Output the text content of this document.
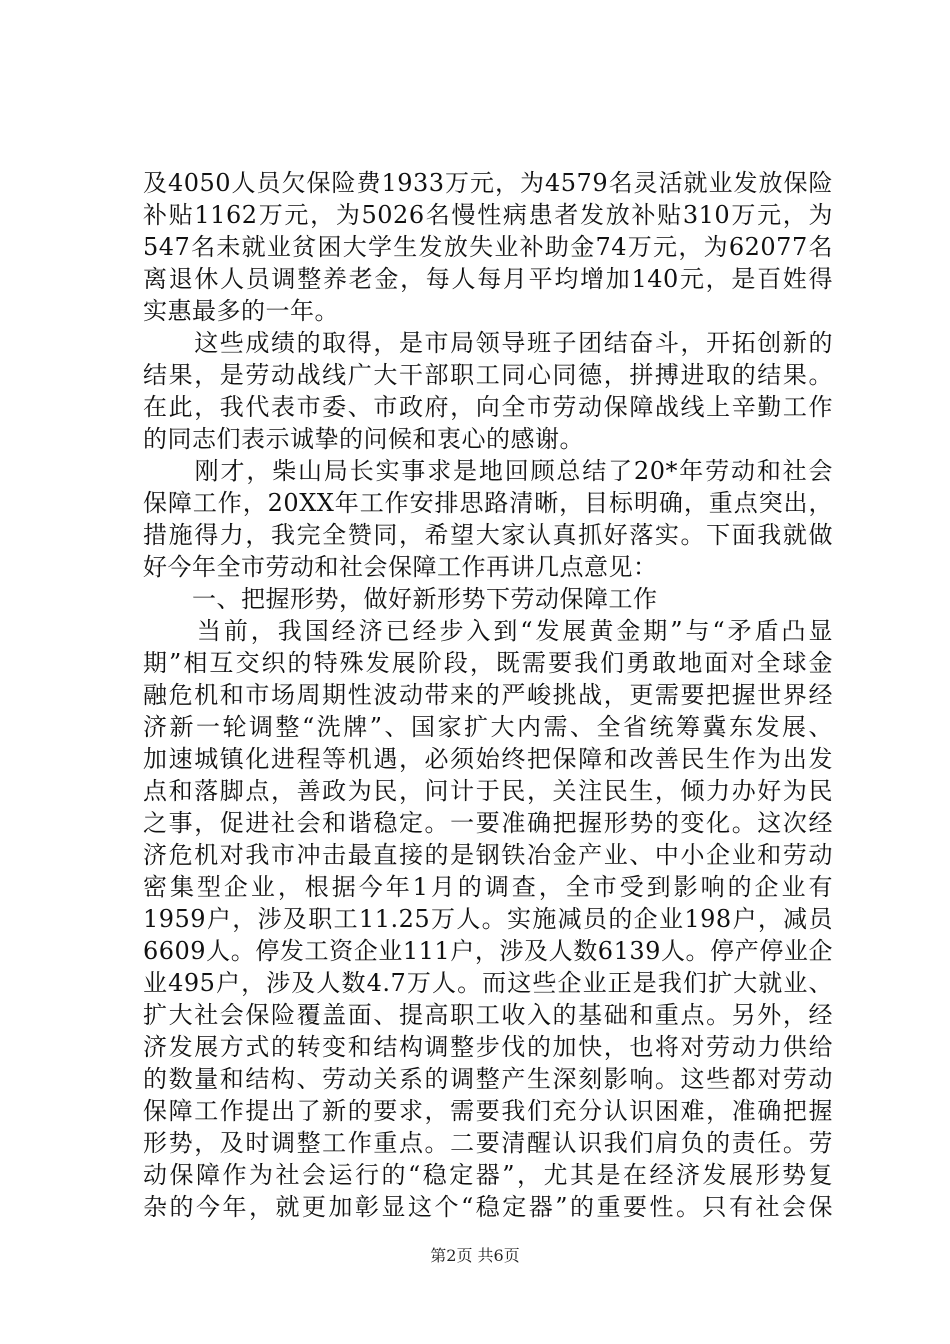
及4050人员欠保险费1933万元，为4579名灵活就业发放保险
补贴1162万元，为5026名慢性病患者发放补贴310万元，为
547名未就业贫困大学生发放失业补助金74万元，为62077名
离退休人员调整养老金，每人每月平均增加140元，是百姓得
实惠最多的一年。
　　这些成绩的取得，是市局领导班子团结奋斗，开拓创新的
结果，是劳动战线广大干部职工同心同德，拼搏进取的结果。
在此，我代表市委、市政府，向全市劳动保障战线上辛勤工作
的同志们表示诚挚的问候和衷心的感谢。
　　刚才，柴山局长实事求是地回顾总结了20*年劳动和社会
保障工作，20XX年工作安排思路清晰，目标明确，重点突出，
措施得力，我完全赞同，希望大家认真抓好落实。下面我就做
好今年全市劳动和社会保障工作再讲几点意见：
　　一、把握形势，做好新形势下劳动保障工作
　　当前，我国经济已经步入到“发展黄金期”与“矛盾凸显
期”相互交织的特殊发展阶段，既需要我们勇敢地面对全球金
融危机和市场周期性波动带来的严峻挑战，更需要把握世界经
济新一轮调整“洗牌”、国家扩大内需、全省统筹冀东发展、
加速城镇化进程等机遇，必须始终把保障和改善民生作为出发
点和落脚点，善政为民，问计于民，关注民生，倾力办好为民
之事，促进社会和谐稳定。一要准确把握形势的变化。这次经
济危机对我市冲击最直接的是钢铁冶金产业、中小企业和劳动
密集型企业，根据今年1月的调查，全市受到影响的企业有
1959户，涉及职工11.25万人。实施减员的企业198户，减员
6609人。停发工资企业111户，涉及人数6139人。停产停业企
业495户，涉及人数4.7万人。而这些企业正是我们扩大就业、
扩大社会保险覆盖面、提高职工收入的基础和重点。另外，经
济发展方式的转变和结构调整步伐的加快，也将对劳动力供给
的数量和结构、劳动关系的调整产生深刻影响。这些都对劳动
保障工作提出了新的要求，需要我们充分认识困难，准确把握
形势，及时调整工作重点。二要清醒认识我们肩负的责任。劳
动保障作为社会运行的“稳定器”，尤其是在经济发展形势复
杂的今年，就更加彰显这个“稳定器”的重要性。只有社会保
第2页 共6页
